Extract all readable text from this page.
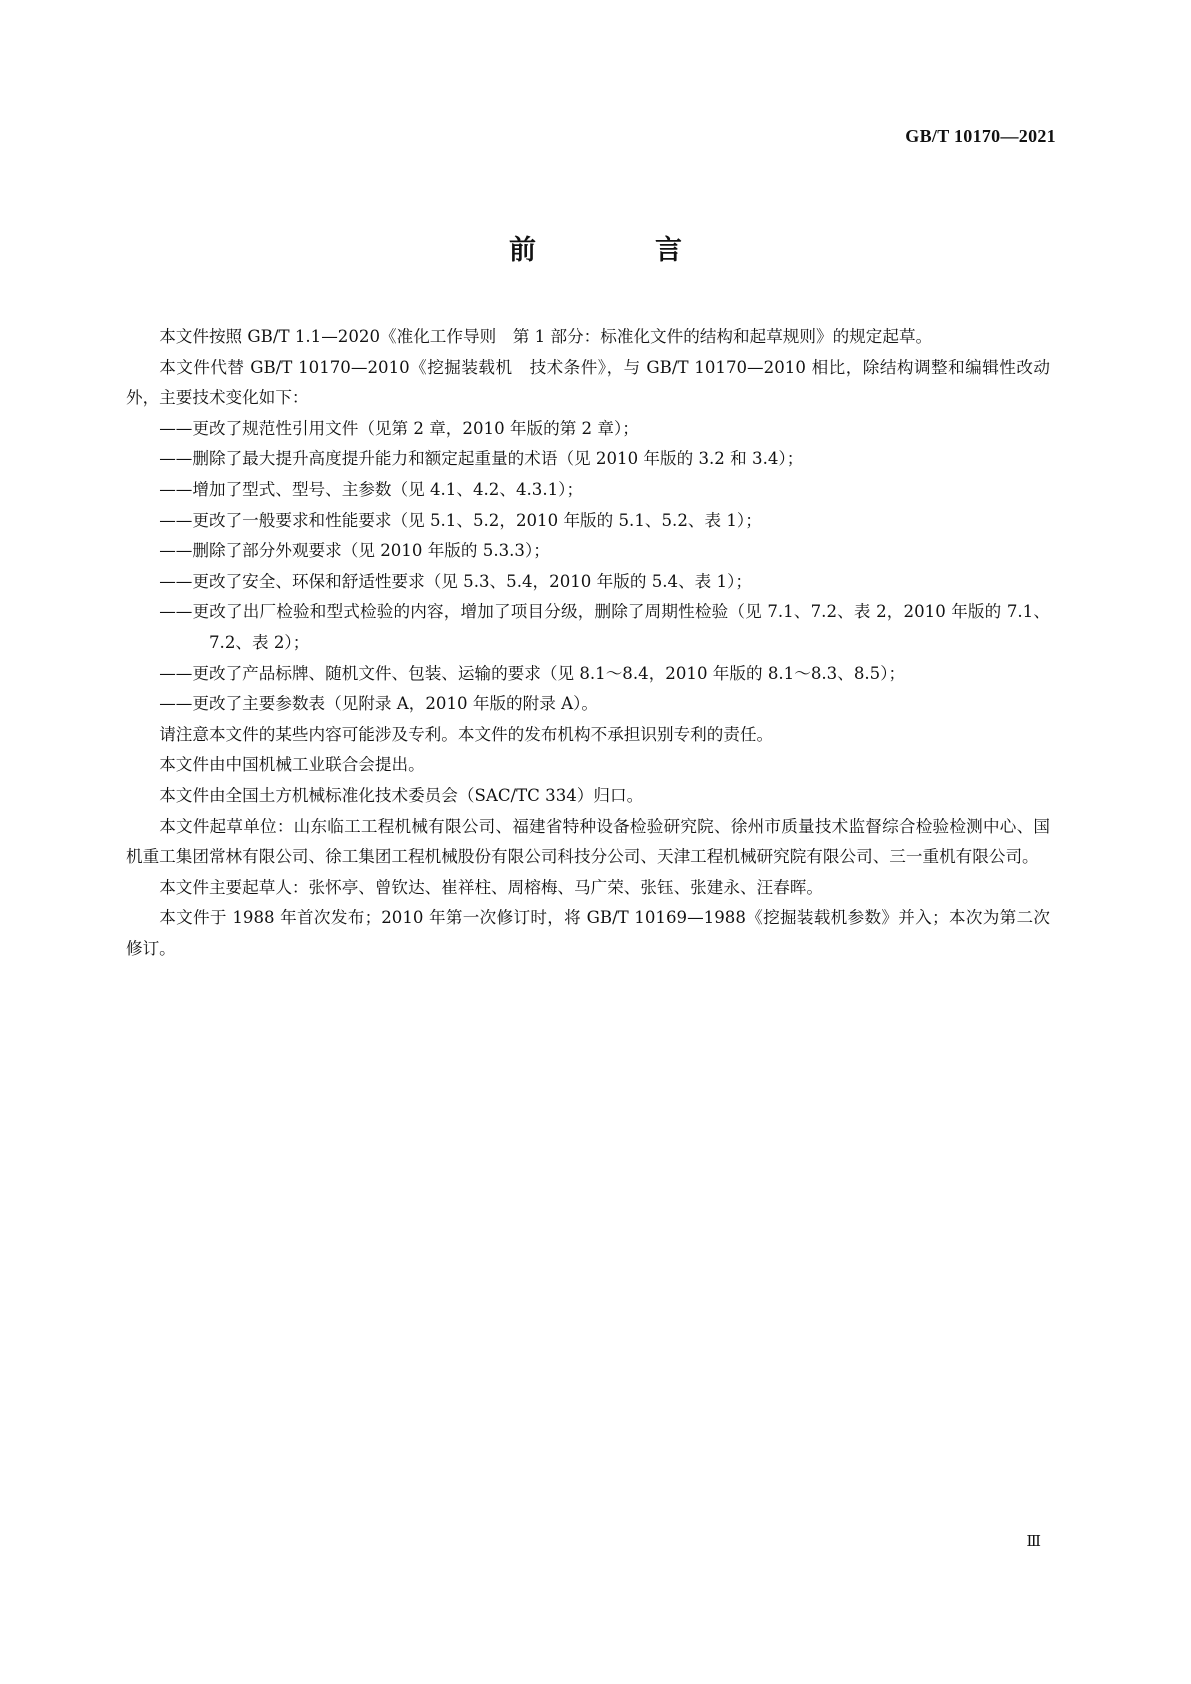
GB/T 10170—2021
前　言

本文件按照 GB/T 1.1—2020《准化工作导则　第 1 部分：标准化文件的结构和起草规则》的规定起草。

本文件代替 GB/T 10170—2010《挖掘装载机　技术条件》，与 GB/T 10170—2010 相比，除结构调整和编辑性改动外，主要技术变化如下：

——更改了规范性引用文件（见第 2 章，2010 年版的第 2 章）；

——删除了最大提升高度提升能力和额定起重量的术语（见 2010 年版的 3.2 和 3.4）；

——增加了型式、型号、主参数（见 4.1、4.2、4.3.1）；

——更改了一般要求和性能要求（见 5.1、5.2，2010 年版的 5.1、5.2、表 1）；

——删除了部分外观要求（见 2010 年版的 5.3.3）；

——更改了安全、环保和舒适性要求（见 5.3、5.4，2010 年版的 5.4、表 1）；

——更改了出厂检验和型式检验的内容，增加了项目分级，删除了周期性检验（见 7.1、7.2、表 2，2010 年版的 7.1、7.2、表 2）；

——更改了产品标牌、随机文件、包装、运输的要求（见 8.1～8.4，2010 年版的 8.1～8.3、8.5）；

——更改了主要参数表（见附录 A，2010 年版的附录 A）。

请注意本文件的某些内容可能涉及专利。本文件的发布机构不承担识别专利的责任。

本文件由中国机械工业联合会提出。

本文件由全国土方机械标准化技术委员会（SAC/TC 334）归口。

本文件起草单位：山东临工工程机械有限公司、福建省特种设备检验研究院、徐州市质量技术监督综合检验检测中心、国机重工集团常林有限公司、徐工集团工程机械股份有限公司科技分公司、天津工程机械研究院有限公司、三一重机有限公司。

本文件主要起草人：张怀亭、曾钦达、崔祥柱、周榕梅、马广荣、张钰、张建永、汪春晖。

本文件于 1988 年首次发布；2010 年第一次修订时，将 GB/T 10169—1988《挖掘装载机参数》并入；本次为第二次修订。

Ⅲ
